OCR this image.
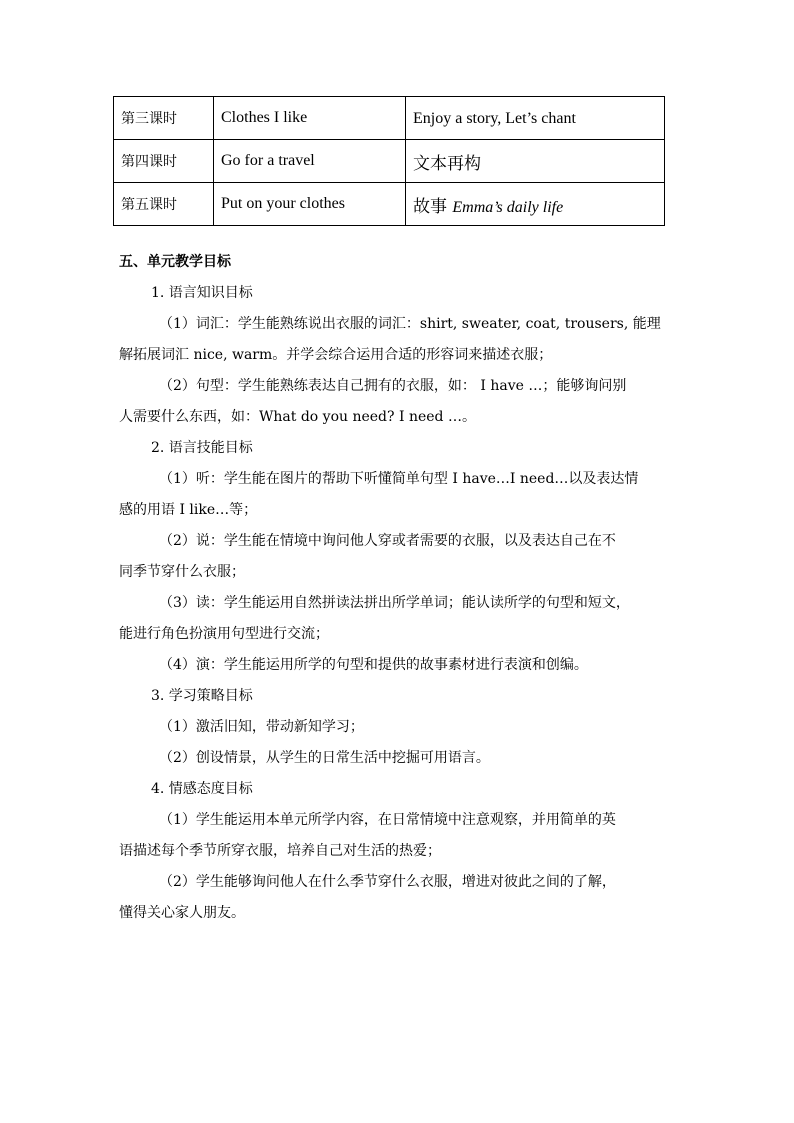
第三课时	Clothes I like	Enjoy a story, Let’s chant
第四课时	Go for a travel	文本再构
第五课时	Put on your clothes	故事 Emma’s daily life

五、单元教学目标

1. 语言知识目标

（1）词汇：学生能熟练说出衣服的词汇：shirt, sweater, coat, trousers, 能理

解拓展词汇 nice, warm。并学会综合运用合适的形容词来描述衣服；

（2）句型：学生能熟练表达自己拥有的衣服，如： I have …；能够询问别

人需要什么东西，如：What do you need? I need …。

2. 语言技能目标

（1）听：学生能在图片的帮助下听懂简单句型 I have…I need…以及表达情

感的用语 I like…等；

（2）说：学生能在情境中询问他人穿或者需要的衣服，以及表达自己在不

同季节穿什么衣服；

（3）读：学生能运用自然拼读法拼出所学单词；能认读所学的句型和短文，

能进行角色扮演用句型进行交流；

（4）演：学生能运用所学的句型和提供的故事素材进行表演和创编。

3. 学习策略目标

（1）激活旧知，带动新知学习；

（2）创设情景，从学生的日常生活中挖掘可用语言。

4. 情感态度目标

（1）学生能运用本单元所学内容，在日常情境中注意观察，并用简单的英

语描述每个季节所穿衣服，培养自己对生活的热爱；

（2）学生能够询问他人在什么季节穿什么衣服，增进对彼此之间的了解，

懂得关心家人朋友。
